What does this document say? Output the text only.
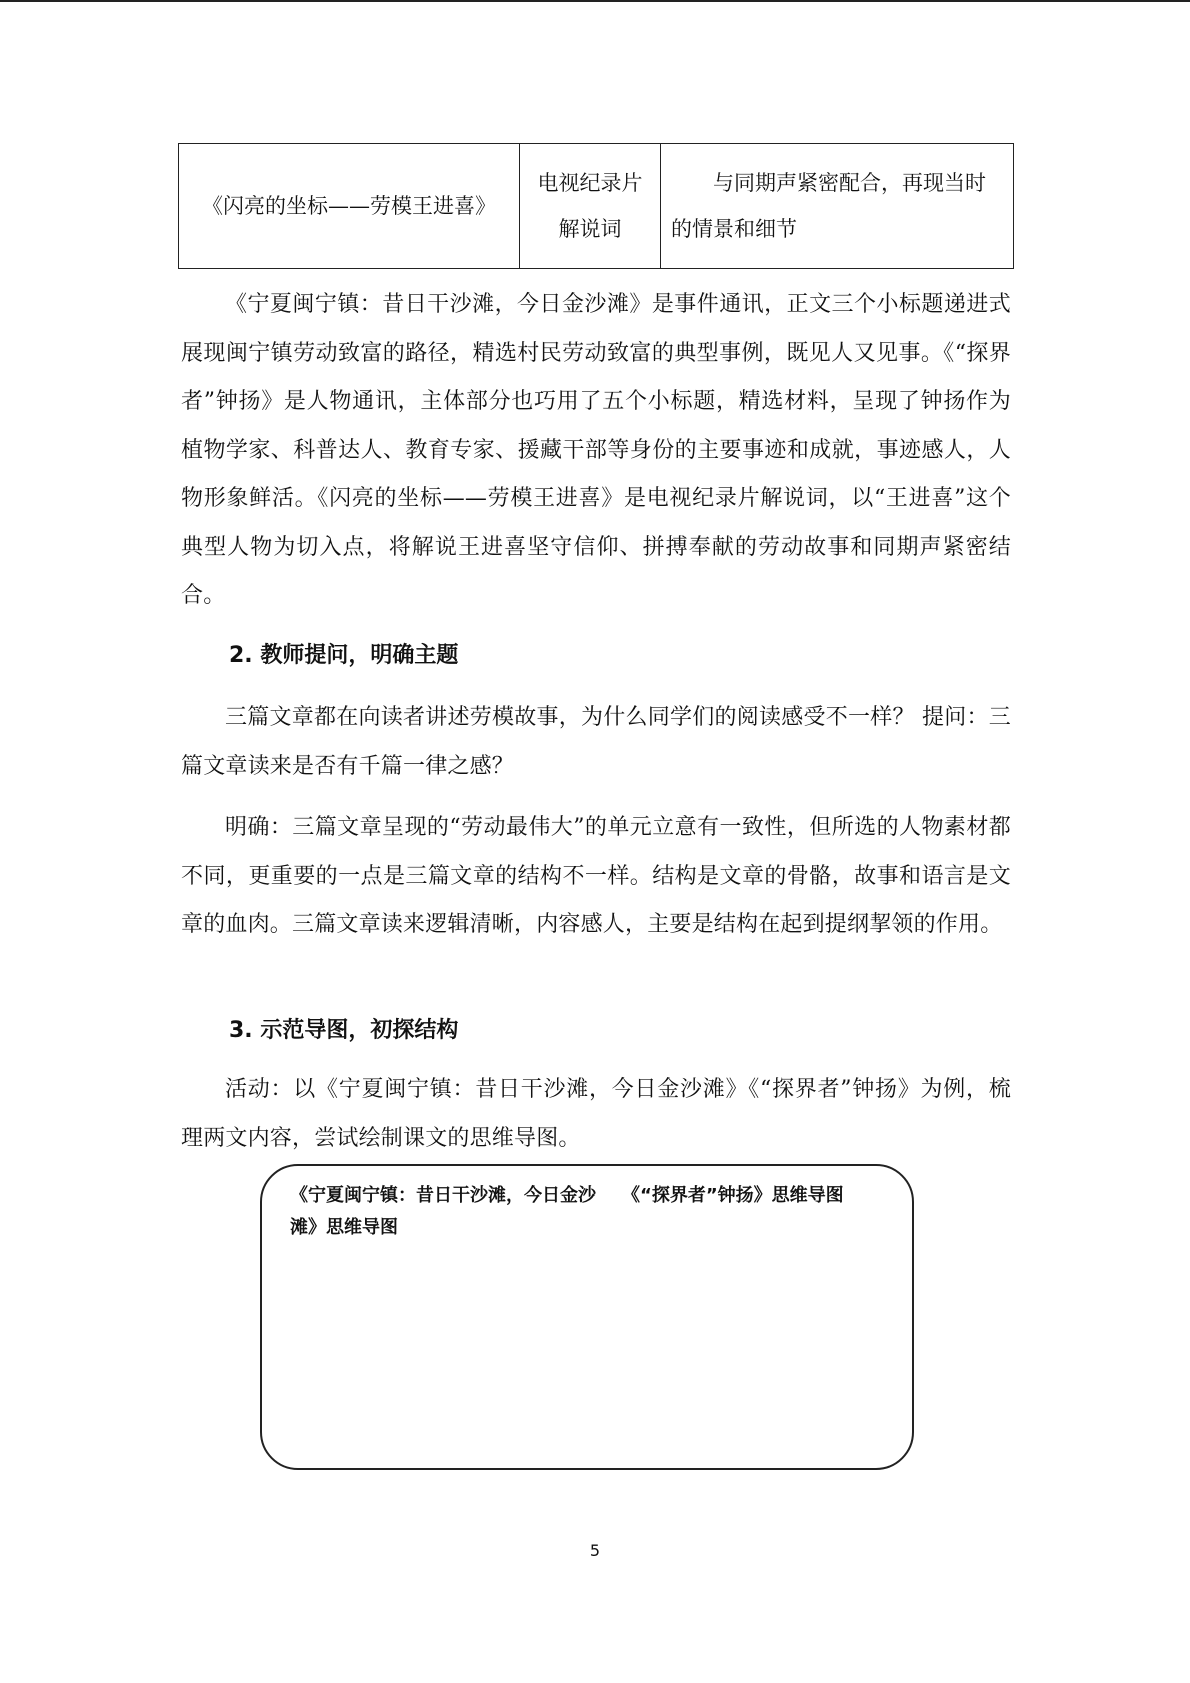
《闪亮的坐标——劳模王进喜》	电视纪录片解说词	与同期声紧密配合，再现当时的情景和细节

《宁夏闽宁镇：昔日干沙滩，今日金沙滩》是事件通讯，正文三个小标题递进式展现闽宁镇劳动致富的路径，精选村民劳动致富的典型事例，既见人又见事。《“探界者”钟扬》是人物通讯，主体部分也巧用了五个小标题，精选材料，呈现了钟扬作为植物学家、科普达人、教育专家、援藏干部等身份的主要事迹和成就，事迹感人，人物形象鲜活。《闪亮的坐标——劳模王进喜》是电视纪录片解说词，以“王进喜”这个典型人物为切入点，将解说王进喜坚守信仰、拼搏奉献的劳动故事和同期声紧密结合。

2. 教师提问，明确主题

三篇文章都在向读者讲述劳模故事，为什么同学们的阅读感受不一样？ 提问：三篇文章读来是否有千篇一律之感？

明确：三篇文章呈现的“劳动最伟大”的单元立意有一致性，但所选的人物素材都不同，更重要的一点是三篇文章的结构不一样。结构是文章的骨骼，故事和语言是文章的血肉。三篇文章读来逻辑清晰，内容感人，主要是结构在起到提纲挈领的作用。

3. 示范导图，初探结构

活动：以《宁夏闽宁镇：昔日干沙滩，今日金沙滩》《“探界者”钟扬》为例，梳理两文内容，尝试绘制课文的思维导图。

《宁夏闽宁镇：昔日干沙滩，今日金沙滩》思维导图

《“探界者”钟扬》思维导图

5
